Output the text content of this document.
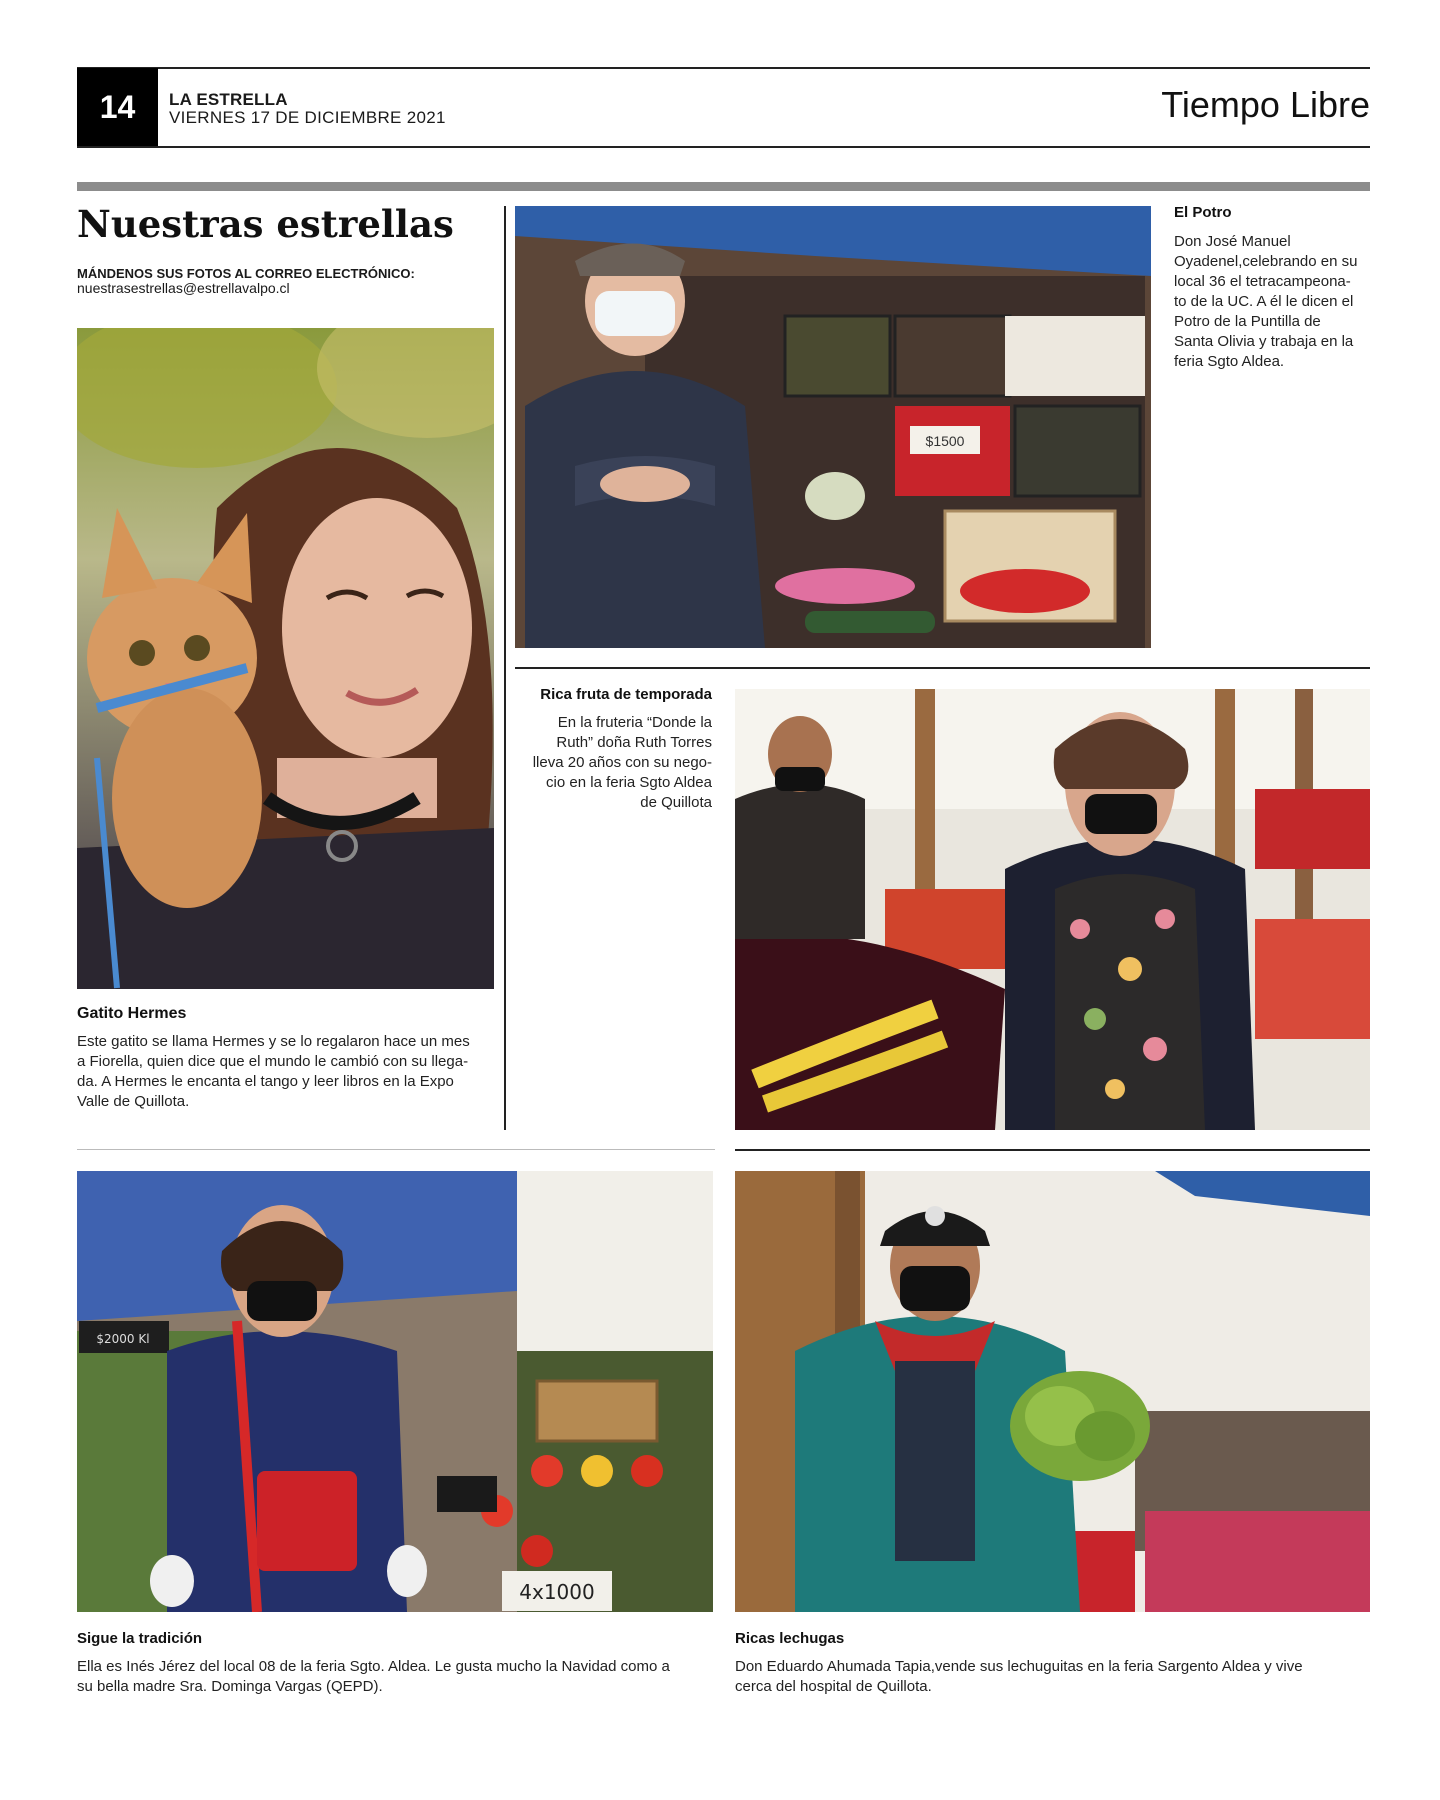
14	LA ESTRELLA
VIERNES 17 DE DICIEMBRE 2021	Tiempo Libre
Nuestras estrellas
MÁNDENOS SUS FOTOS AL CORREO ELECTRÓNICO:
nuestrasestrellas@estrellavalpo.cl
Gatito Hermes
Este gatito se llama Hermes y se lo regalaron hace un mes
a Fiorella, quien dice que el mundo le cambió con su llega-
da. A Hermes le encanta el tango y leer libros en la Expo
Valle de Quillota.
$1500
El Potro
Don José Manuel
Oyadenel,celebrando en su
local 36 el tetracampeona-
to de la UC. A él le dicen el
Potro de la Puntilla de
Santa Olivia y trabaja en la
feria Sgto Aldea.
Rica fruta de temporada
En la fruteria “Donde la
Ruth” doña Ruth Torres
lleva 20 años con su nego-
cio en la feria Sgto Aldea
de Quillota
4x1000
$2000 Kl
Sigue la tradición
Ella es Inés Jérez del local 08 de la feria Sgto. Aldea. Le gusta mucho la Navidad como a
su bella madre Sra. Dominga Vargas (QEPD).
Ricas lechugas
Don Eduardo Ahumada Tapia,vende sus lechuguitas en la feria Sargento Aldea y vive
cerca del hospital de Quillota.
